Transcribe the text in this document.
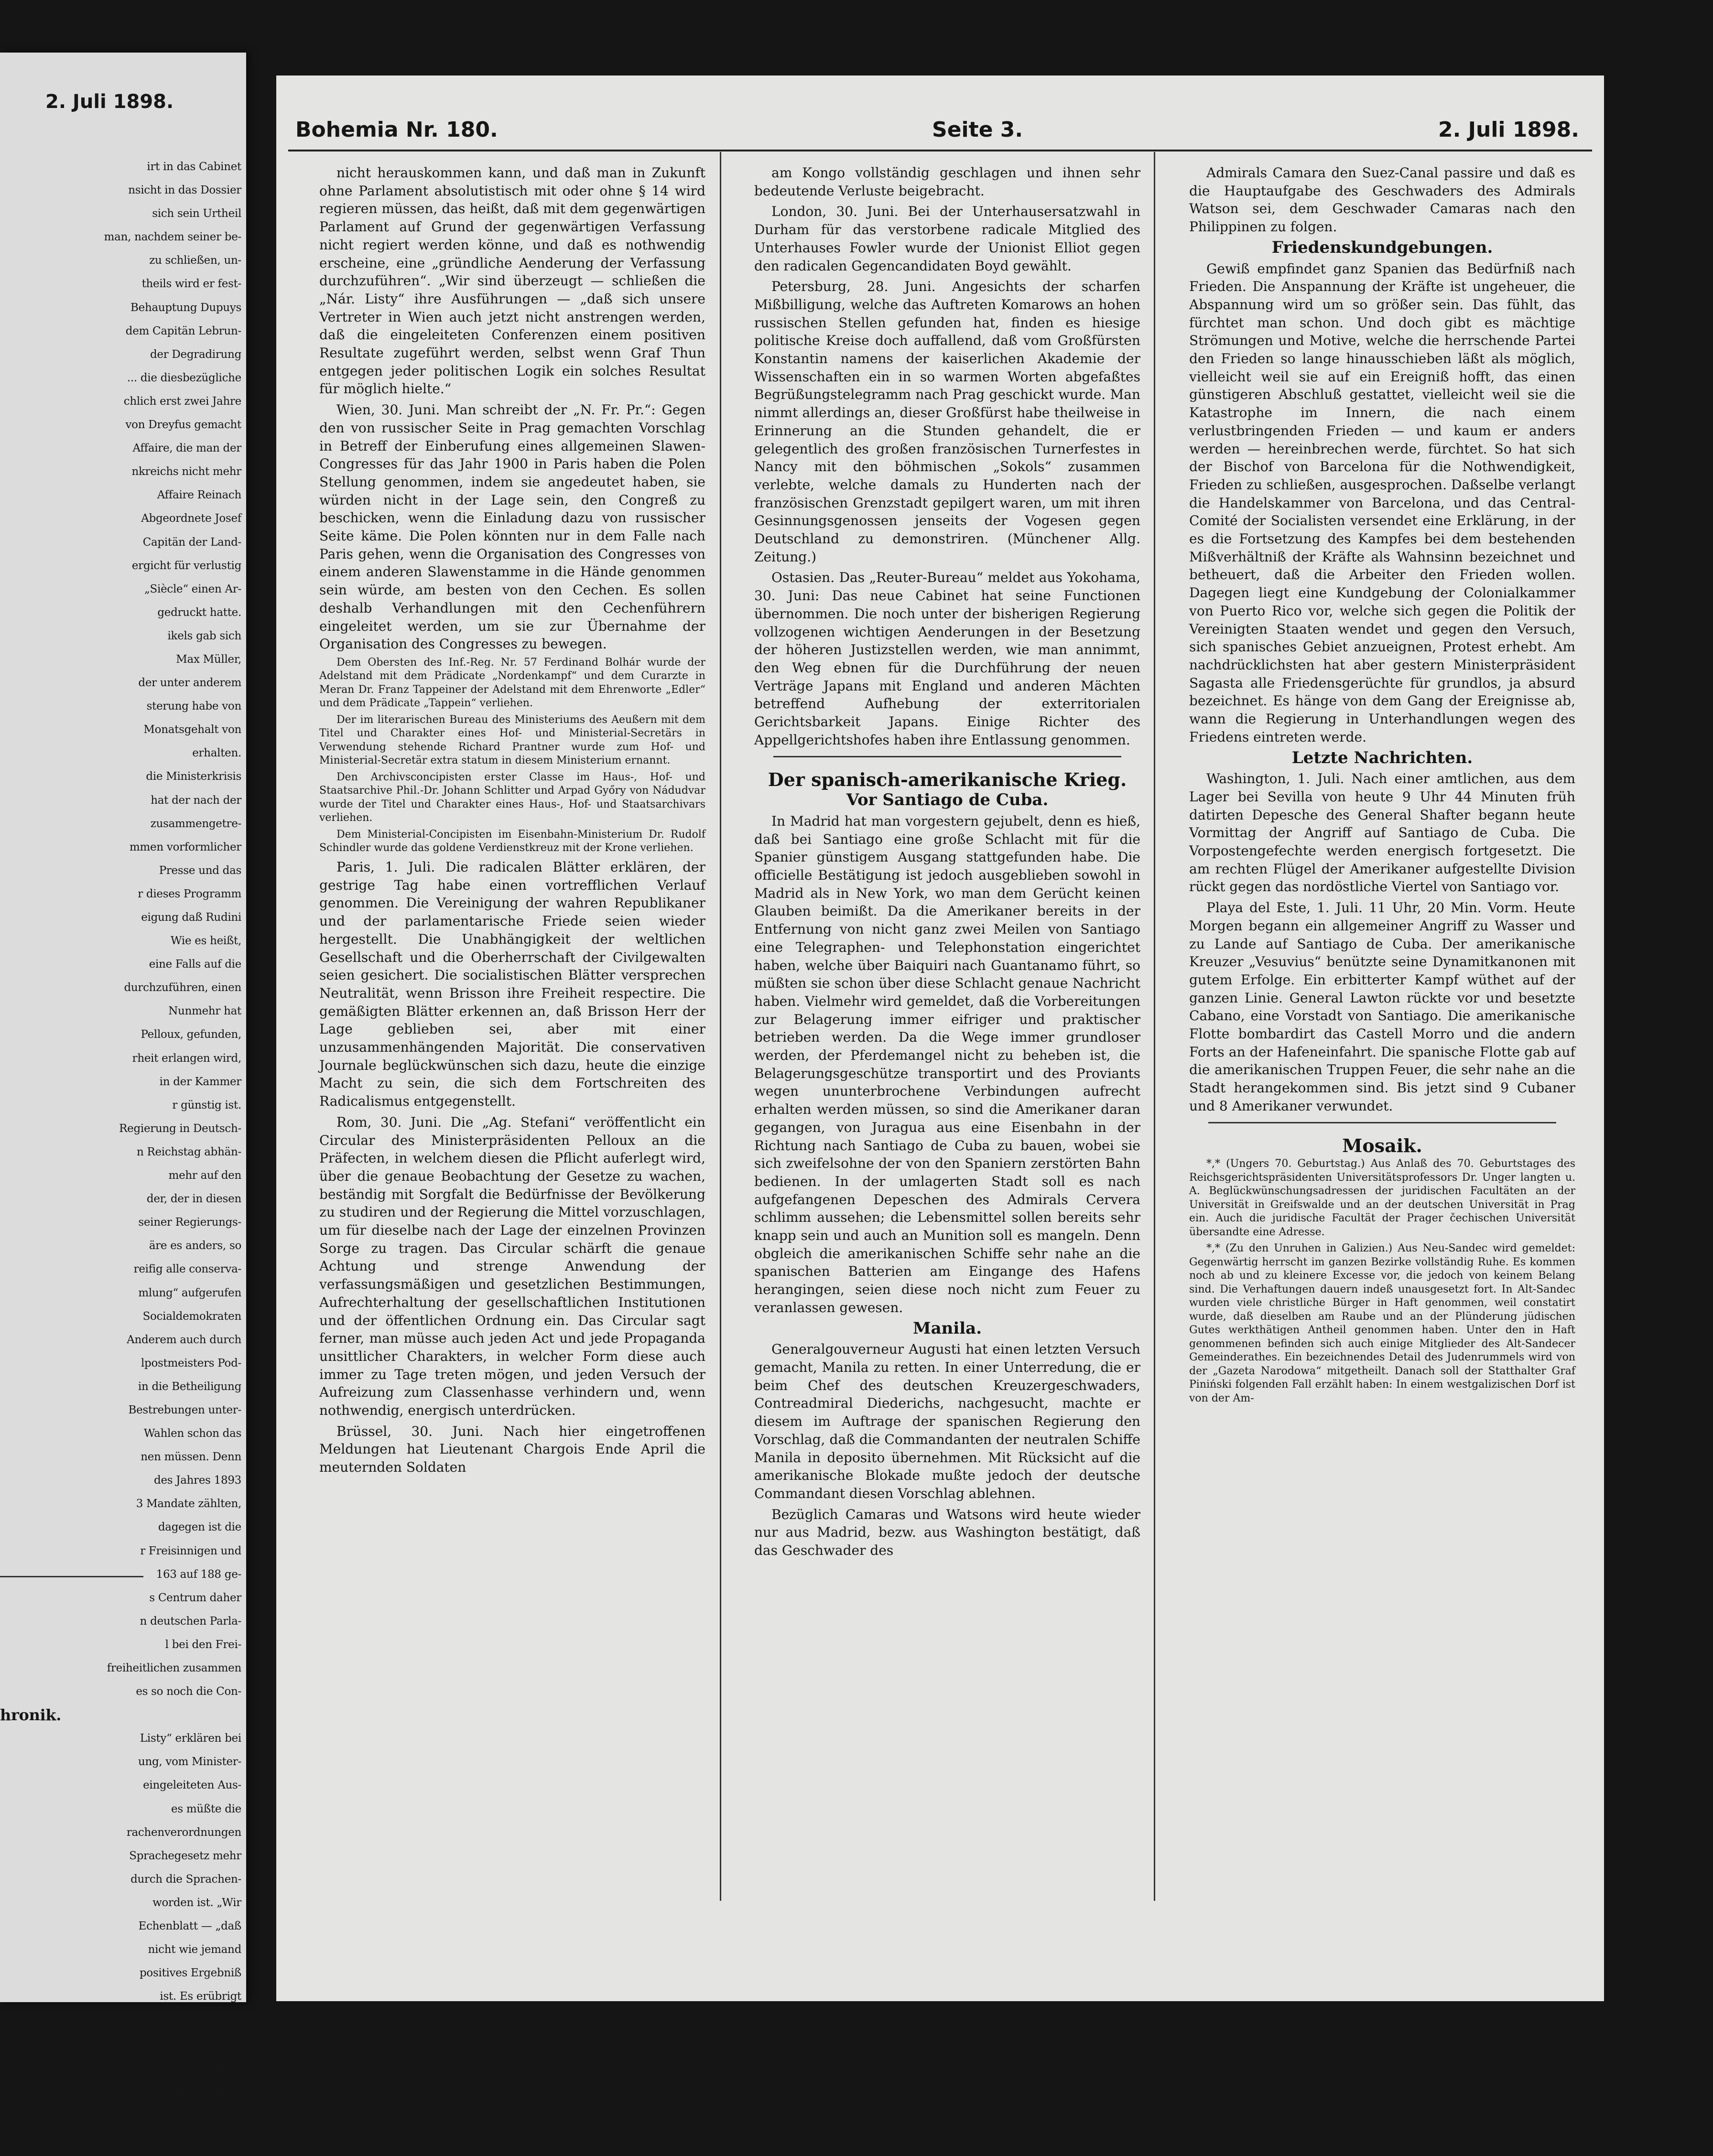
2. Juli 1898.
irt in das Cabinet
nsicht in das Dossier
sich sein Urtheil
man, nachdem seiner be-
zu schließen, un-
theils wird er fest-
Behauptung Dupuys
dem Capitän Lebrun-
der Degradirung
... die diesbezügliche
chlich erst zwei Jahre
von Dreyfus gemacht
Affaire, die man der
nkreichs nicht mehr
Affaire Reinach
Abgeordnete Josef
Capitän der Land-
ergicht für verlustig
„Siècle“ einen Ar-
gedruckt hatte.
ikels gab sich
Max Müller,
der unter anderem
sterung habe von
Monatsgehalt von
erhalten.
die Ministerkrisis
hat der nach der
zusammengetre-
mmen vorformlicher
Presse und das
r dieses Programm
eigung daß Rudini
Wie es heißt,
eine Falls auf die
durchzuführen, einen
Nunmehr hat
Pelloux, gefunden,
rheit erlangen wird,
in der Kammer
r günstig ist.
Regierung in Deutsch-
n Reichstag abhän-
mehr auf den
der, der in diesen
seiner Regierungs-
äre es anders, so
reifig alle conserva-
mlung“ aufgerufen
Socialdemokraten
Anderem auch durch
lpostmeisters Pod-
in die Betheiligung
Bestrebungen unter-
Wahlen schon das
nen müssen. Denn
des Jahres 1893
3 Mandate zählten,
dagegen ist die
r Freisinnigen und
163 auf 188 ge-
s Centrum daher
n deutschen Parla-
l bei den Frei-
freiheitlichen zusammen
es so noch die Con-
hronik.
Listy“ erklären bei
ung, vom Minister-
eingeleiteten Aus-
es müßte die
rachenverordnungen
Sprachegesetz mehr
durch die Sprachen-
worden ist. „Wir
Echenblatt — „daß
nicht wie jemand
positives Ergebniß
ist. Es erübrigt
Volk auszu-
ges um die Durch-
und des Friedens
den Bedrängniß
Bohemia Nr. 180.	Seite 3.	2. Juli 1898.

nicht herauskommen kann, und daß man in Zukunft ohne Parlament absolutistisch mit oder ohne § 14 wird regieren müssen, das heißt, daß mit dem gegenwärtigen Parlament auf Grund der gegenwärtigen Verfassung nicht regiert werden könne, und daß es nothwendig erscheine, eine „gründliche Aenderung der Verfassung durchzuführen“. „Wir sind überzeugt — schließen die „Nár. Listy“ ihre Ausführungen — „daß sich unsere Vertreter in Wien auch jetzt nicht anstrengen werden, daß die eingeleiteten Conferenzen einem positiven Resultate zugeführt werden, selbst wenn Graf Thun entgegen jeder politischen Logik ein solches Resultat für möglich hielte.“

Wien, 30. Juni. Man schreibt der „N. Fr. Pr.“: Gegen den von russischer Seite in Prag gemachten Vorschlag in Betreff der Einberufung eines allgemeinen Slawen-Congresses für das Jahr 1900 in Paris haben die Polen Stellung genommen, indem sie angedeutet haben, sie würden nicht in der Lage sein, den Congreß zu beschicken, wenn die Einladung dazu von russischer Seite käme. Die Polen könnten nur in dem Falle nach Paris gehen, wenn die Organisation des Congresses von einem anderen Slawenstamme in die Hände genommen sein würde, am besten von den Cechen. Es sollen deshalb Verhandlungen mit den Cechenführern eingeleitet werden, um sie zur Übernahme der Organisation des Congresses zu bewegen.

Dem Obersten des Inf.-Reg. Nr. 57 Ferdinand Bolhár wurde der Adelstand mit dem Prädicate „Nordenkampf“ und dem Curarzte in Meran Dr. Franz Tappeiner der Adelstand mit dem Ehrenworte „Edler“ und dem Prädicate „Tappein“ verliehen.

Der im literarischen Bureau des Ministeriums des Aeußern mit dem Titel und Charakter eines Hof- und Ministerial-Secretärs in Verwendung stehende Richard Prantner wurde zum Hof- und Ministerial-Secretär extra statum in diesem Ministerium ernannt.

Den Archivsconcipisten erster Classe im Haus-, Hof- und Staatsarchive Phil.-Dr. Johann Schlitter und Arpad Győry von Nádudvar wurde der Titel und Charakter eines Haus-, Hof- und Staatsarchivars verliehen.

Dem Ministerial-Concipisten im Eisenbahn-Ministerium Dr. Rudolf Schindler wurde das goldene Verdienstkreuz mit der Krone verliehen.

Paris, 1. Juli. Die radicalen Blätter erklären, der gestrige Tag habe einen vortrefflichen Verlauf genommen. Die Vereinigung der wahren Republikaner und der parlamentarische Friede seien wieder hergestellt. Die Unabhängigkeit der weltlichen Gesellschaft und die Oberherrschaft der Civilgewalten seien gesichert. Die socialistischen Blätter versprechen Neutralität, wenn Brisson ihre Freiheit respectire. Die gemäßigten Blätter erkennen an, daß Brisson Herr der Lage geblieben sei, aber mit einer unzusammenhängenden Majorität. Die conservativen Journale beglückwünschen sich dazu, heute die einzige Macht zu sein, die sich dem Fortschreiten des Radicalismus entgegenstellt.

Rom, 30. Juni. Die „Ag. Stefani“ veröffentlicht ein Circular des Ministerpräsidenten Pelloux an die Präfecten, in welchem diesen die Pflicht auferlegt wird, über die genaue Beobachtung der Gesetze zu wachen, beständig mit Sorgfalt die Bedürfnisse der Bevölkerung zu studiren und der Regierung die Mittel vorzuschlagen, um für dieselbe nach der Lage der einzelnen Provinzen Sorge zu tragen. Das Circular schärft die genaue Achtung und strenge Anwendung der verfassungsmäßigen und gesetzlichen Bestimmungen, Aufrechterhaltung der gesellschaftlichen Institutionen und der öffentlichen Ordnung ein. Das Circular sagt ferner, man müsse auch jeden Act und jede Propaganda unsittlicher Charakters, in welcher Form diese auch immer zu Tage treten mögen, und jeden Versuch der Aufreizung zum Classenhasse verhindern und, wenn nothwendig, energisch unterdrücken.

Brüssel, 30. Juni. Nach hier eingetroffenen Meldungen hat Lieutenant Chargois Ende April die meuternden Soldaten

am Kongo vollständig geschlagen und ihnen sehr bedeutende Verluste beigebracht.

London, 30. Juni. Bei der Unterhausersatzwahl in Durham für das verstorbene radicale Mitglied des Unterhauses Fowler wurde der Unionist Elliot gegen den radicalen Gegencandidaten Boyd gewählt.

Petersburg, 28. Juni. Angesichts der scharfen Mißbilligung, welche das Auftreten Komarows an hohen russischen Stellen gefunden hat, finden es hiesige politische Kreise doch auffallend, daß vom Großfürsten Konstantin namens der kaiserlichen Akademie der Wissenschaften ein in so warmen Worten abgefaßtes Begrüßungstelegramm nach Prag geschickt wurde. Man nimmt allerdings an, dieser Großfürst habe theilweise in Erinnerung an die Stunden gehandelt, die er gelegentlich des großen französischen Turnerfestes in Nancy mit den böhmischen „Sokols“ zusammen verlebte, welche damals zu Hunderten nach der französischen Grenzstadt gepilgert waren, um mit ihren Gesinnungsgenossen jenseits der Vogesen gegen Deutschland zu demonstriren. (Münchener Allg. Zeitung.)

Ostasien. Das „Reuter-Bureau“ meldet aus Yokohama, 30. Juni: Das neue Cabinet hat seine Functionen übernommen. Die noch unter der bisherigen Regierung vollzogenen wichtigen Aenderungen in der Besetzung der höheren Justizstellen werden, wie man annimmt, den Weg ebnen für die Durchführung der neuen Verträge Japans mit England und anderen Mächten betreffend Aufhebung der exterritorialen Gerichtsbarkeit Japans. Einige Richter des Appellgerichtshofes haben ihre Entlassung genommen.

Der spanisch-amerikanische Krieg.
Vor Santiago de Cuba.

In Madrid hat man vorgestern gejubelt, denn es hieß, daß bei Santiago eine große Schlacht mit für die Spanier günstigem Ausgang stattgefunden habe. Die officielle Bestätigung ist jedoch ausgeblieben sowohl in Madrid als in New York, wo man dem Gerücht keinen Glauben beimißt. Da die Amerikaner bereits in der Entfernung von nicht ganz zwei Meilen von Santiago eine Telegraphen- und Telephonstation eingerichtet haben, welche über Baiquiri nach Guantanamo führt, so müßten sie schon über diese Schlacht genaue Nachricht haben. Vielmehr wird gemeldet, daß die Vorbereitungen zur Belagerung immer eifriger und praktischer betrieben werden. Da die Wege immer grundloser werden, der Pferdemangel nicht zu beheben ist, die Belagerungsgeschütze transportirt und des Proviants wegen ununterbrochene Verbindungen aufrecht erhalten werden müssen, so sind die Amerikaner daran gegangen, von Juragua aus eine Eisenbahn in der Richtung nach Santiago de Cuba zu bauen, wobei sie sich zweifelsohne der von den Spaniern zerstörten Bahn bedienen. In der umlagerten Stadt soll es nach aufgefangenen Depeschen des Admirals Cervera schlimm aussehen; die Lebensmittel sollen bereits sehr knapp sein und auch an Munition soll es mangeln. Denn obgleich die amerikanischen Schiffe sehr nahe an die spanischen Batterien am Eingange des Hafens herangingen, seien diese noch nicht zum Feuer zu veranlassen gewesen.

Manila.

Generalgouverneur Augusti hat einen letzten Versuch gemacht, Manila zu retten. In einer Unterredung, die er beim Chef des deutschen Kreuzergeschwaders, Contreadmiral Diederichs, nachgesucht, machte er diesem im Auftrage der spanischen Regierung den Vorschlag, daß die Commandanten der neutralen Schiffe Manila in deposito übernehmen. Mit Rücksicht auf die amerikanische Blokade mußte jedoch der deutsche Commandant diesen Vorschlag ablehnen.

Bezüglich Camaras und Watsons wird heute wieder nur aus Madrid, bezw. aus Washington bestätigt, daß das Geschwader des

Admirals Camara den Suez-Canal passire und daß es die Hauptaufgabe des Geschwaders des Admirals Watson sei, dem Geschwader Camaras nach den Philippinen zu folgen.

Friedenskundgebungen.

Gewiß empfindet ganz Spanien das Bedürfniß nach Frieden. Die Anspannung der Kräfte ist ungeheuer, die Abspannung wird um so größer sein. Das fühlt, das fürchtet man schon. Und doch gibt es mächtige Strömungen und Motive, welche die herrschende Partei den Frieden so lange hinausschieben läßt als möglich, vielleicht weil sie auf ein Ereigniß hofft, das einen günstigeren Abschluß gestattet, vielleicht weil sie die Katastrophe im Innern, die nach einem verlustbringenden Frieden — und kaum er anders werden — hereinbrechen werde, fürchtet. So hat sich der Bischof von Barcelona für die Nothwendigkeit, Frieden zu schließen, ausgesprochen. Daßselbe verlangt die Handelskammer von Barcelona, und das Central-Comité der Socialisten versendet eine Erklärung, in der es die Fortsetzung des Kampfes bei dem bestehenden Mißverhältniß der Kräfte als Wahnsinn bezeichnet und betheuert, daß die Arbeiter den Frieden wollen. Dagegen liegt eine Kundgebung der Colonialkammer von Puerto Rico vor, welche sich gegen die Politik der Vereinigten Staaten wendet und gegen den Versuch, sich spanisches Gebiet anzueignen, Protest erhebt. Am nachdrücklichsten hat aber gestern Ministerpräsident Sagasta alle Friedensgerüchte für grundlos, ja absurd bezeichnet. Es hänge von dem Gang der Ereignisse ab, wann die Regierung in Unterhandlungen wegen des Friedens eintreten werde.

Letzte Nachrichten.

Washington, 1. Juli. Nach einer amtlichen, aus dem Lager bei Sevilla von heute 9 Uhr 44 Minuten früh datirten Depesche des General Shafter begann heute Vormittag der Angriff auf Santiago de Cuba. Die Vorpostengefechte werden energisch fortgesetzt. Die am rechten Flügel der Amerikaner aufgestellte Division rückt gegen das nordöstliche Viertel von Santiago vor.

Playa del Este, 1. Juli. 11 Uhr, 20 Min. Vorm. Heute Morgen begann ein allgemeiner Angriff zu Wasser und zu Lande auf Santiago de Cuba. Der amerikanische Kreuzer „Vesuvius“ benützte seine Dynamitkanonen mit gutem Erfolge. Ein erbitterter Kampf wüthet auf der ganzen Linie. General Lawton rückte vor und besetzte Cabano, eine Vorstadt von Santiago. Die amerikanische Flotte bombardirt das Castell Morro und die andern Forts an der Hafeneinfahrt. Die spanische Flotte gab auf die amerikanischen Truppen Feuer, die sehr nahe an die Stadt herangekommen sind. Bis jetzt sind 9 Cubaner und 8 Amerikaner verwundet.

Mosaik.

*,* (Ungers 70. Geburtstag.) Aus Anlaß des 70. Geburtstages des Reichsgerichtspräsidenten Universitätsprofessors Dr. Unger langten u. A. Beglückwünschungsadressen der juridischen Facultäten an der Universität in Greifswalde und an der deutschen Universität in Prag ein. Auch die juridische Facultät der Prager čechischen Universität übersandte eine Adresse.

*,* (Zu den Unruhen in Galizien.) Aus Neu-Sandec wird gemeldet: Gegenwärtig herrscht im ganzen Bezirke vollständig Ruhe. Es kommen noch ab und zu kleinere Excesse vor, die jedoch von keinem Belang sind. Die Verhaftungen dauern indeß unausgesetzt fort. In Alt-Sandec wurden viele christliche Bürger in Haft genommen, weil constatirt wurde, daß dieselben am Raube und an der Plünderung jüdischen Gutes werkthätigen Antheil genommen haben. Unter den in Haft genommenen befinden sich auch einige Mitglieder des Alt-Sandecer Gemeinderathes. Ein bezeichnendes Detail des Judenrummels wird von der „Gazeta Narodowa“ mitgetheilt. Danach soll der Statthalter Graf Piniński folgenden Fall erzählt haben: In einem westgalizischen Dorf ist von der Am-
